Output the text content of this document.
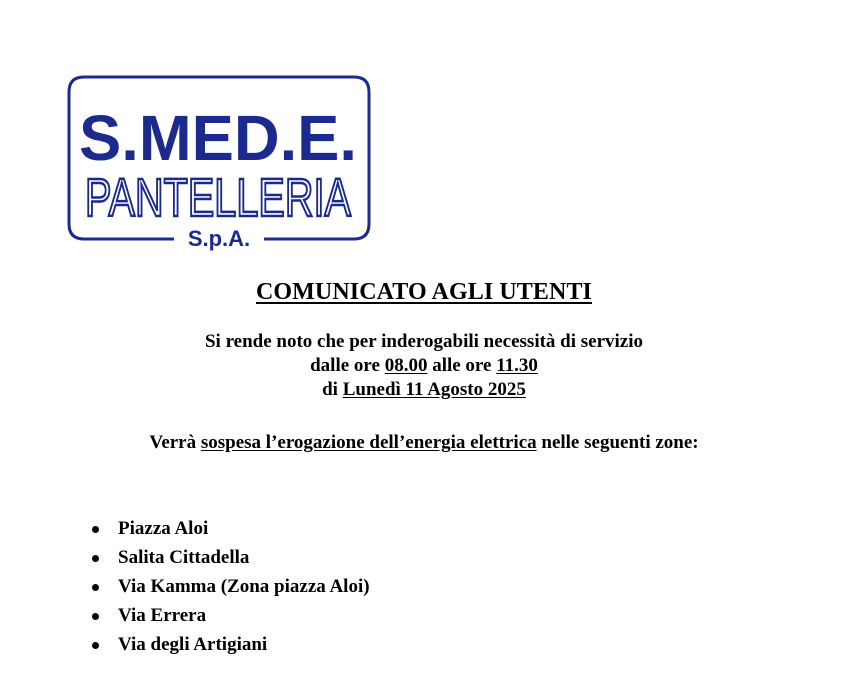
S.MED.E.
PANTELLERIA
S.p.A.
COMUNICATO AGLI UTENTI
Si rende noto che per inderogabili necessità di servizio
dalle ore 08.00 alle ore 11.30
di Lunedì 11 Agosto 2025
Verrà sospesa l’erogazione dell’energia elettrica nelle seguenti zone:
Piazza Aloi
Salita Cittadella
Via Kamma (Zona piazza Aloi)
Via Errera
Via degli Artigiani
